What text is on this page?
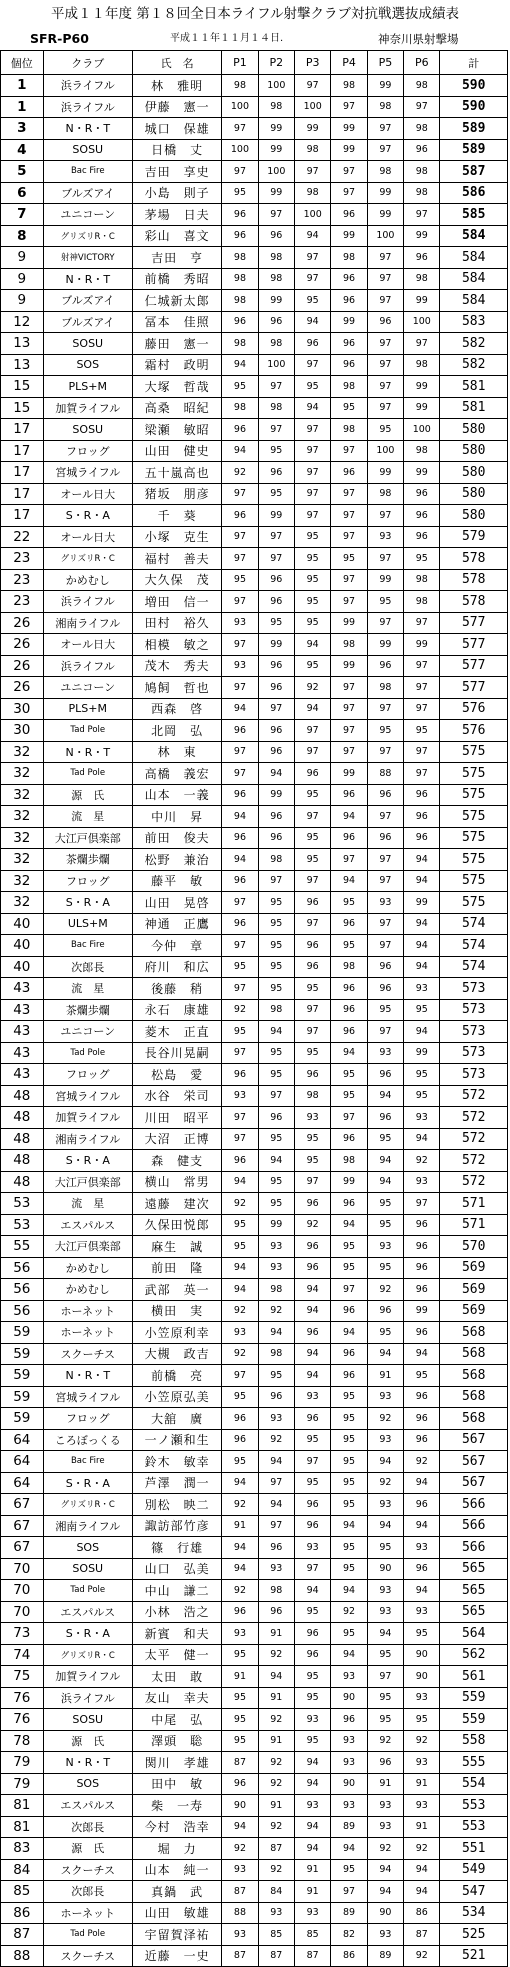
平成１１年度 第１８回全日本ライフル射撃クラブ対抗戦選抜成績表
SFR-P60	平成１１年１１月１４日.	神奈川県射撃場
個位	クラブ	氏　名	P1	P2	P3	P4	P5	P6	計
1	浜ライフル	林　雅明	98	100	97	98	99	98	590
1	浜ライフル	伊藤　憲一	100	98	100	97	98	97	590
3	N・R・T	城口　保雄	97	99	99	99	97	98	589
4	SOSU	日橋　丈	100	99	98	99	97	96	589
5	Bac Fire	吉田　享史	97	100	97	97	98	98	587
6	ブルズアイ	小島　則子	95	99	98	97	99	98	586
7	ユニコーン	茅場　日夫	96	97	100	96	99	97	585
8	グリズリR・C	彩山　喜文	96	96	94	99	100	99	584
9	射神VICTORY	吉田　亨	98	98	97	98	97	96	584
9	N・R・T	前橋　秀昭	98	98	97	96	97	98	584
9	ブルズアイ	仁城新太郎	98	99	95	96	97	99	584
12	ブルズアイ	冨本　佳照	96	96	94	99	96	100	583
13	SOSU	藤田　憲一	98	98	96	96	97	97	582
13	SOS	霜村　政明	94	100	97	96	97	98	582
15	PLS+M	大塚　哲哉	95	97	95	98	97	99	581
15	加賀ライフル	高桑　昭紀	98	98	94	95	97	99	581
17	SOSU	梁瀬　敏昭	96	97	97	98	95	100	580
17	フロッグ	山田　健史	94	95	97	97	100	98	580
17	宮城ライフル	五十嵐高也	92	96	97	96	99	99	580
17	オール日大	猪坂　朋彦	97	95	97	97	98	96	580
17	S・R・A	千　葵	96	99	97	97	97	96	580
22	オール日大	小塚　克生	97	97	95	97	93	96	579
23	グリズリR・C	福村　善夫	97	97	95	95	97	95	578
23	かめむし	大久保　茂	95	96	95	97	99	98	578
23	浜ライフル	増田　信一	97	96	95	97	95	98	578
26	湘南ライフル	田村　裕久	93	95	95	99	97	97	577
26	オール日大	相模　敏之	97	99	94	98	99	99	577
26	浜ライフル	茂木　秀夫	93	96	95	99	96	97	577
26	ユニコーン	鳩飼　哲也	97	96	92	97	98	97	577
30	PLS+M	西森　啓	94	97	94	97	97	97	576
30	Tad Pole	北岡　弘	96	96	97	97	95	95	576
32	N・R・T	林　東	97	96	97	97	97	97	575
32	Tad Pole	高橋　義宏	97	94	96	99	88	97	575
32	源　氏	山本　一義	96	99	95	96	96	96	575
32	流　星	中川　昇	94	96	97	94	97	96	575
32	大江戸倶楽部	前田　俊夫	96	96	95	96	96	96	575
32	茶爛歩爛	松野　兼治	94	98	95	97	97	94	575
32	フロッグ	藤平　敏	96	97	97	94	97	94	575
32	S・R・A	山田　晃啓	97	95	96	95	93	99	575
40	ULS+M	神通　正鷹	96	95	97	96	97	94	574
40	Bac Fire	今仲　章	97	95	96	95	97	94	574
40	次郎長	府川　和広	95	95	96	98	96	94	574
43	流　星	後藤　稍	97	95	95	96	96	93	573
43	茶爛歩爛	永石　康雄	92	98	97	96	95	95	573
43	ユニコーン	菱木　正直	95	94	97	96	97	94	573
43	Tad Pole	長谷川晃嗣	97	95	95	94	93	99	573
43	フロッグ	松島　愛	96	95	96	95	96	95	573
48	宮城ライフル	水谷　栄司	93	97	98	95	94	95	572
48	加賀ライフル	川田　昭平	97	96	93	97	96	93	572
48	湘南ライフル	大沼　正博	97	95	95	96	95	94	572
48	S・R・A	森　健支	96	94	95	98	94	92	572
48	大江戸倶楽部	横山　常男	94	95	97	99	94	93	572
53	流　星	遠藤　建次	92	95	96	96	95	97	571
53	エスパルス	久保田悦郎	95	99	92	94	95	96	571
55	大江戸倶楽部	麻生　誠	95	93	96	95	93	96	570
56	かめむし	前田　隆	94	93	96	95	95	96	569
56	かめむし	武部　英一	94	98	94	97	92	96	569
56	ホーネット	横田　実	92	92	94	96	96	99	569
59	ホーネット	小笠原利幸	93	94	96	94	95	96	568
59	スクーチス	大槻　政吉	92	98	94	96	94	94	568
59	N・R・T	前橋　亮	97	95	94	96	91	95	568
59	宮城ライフル	小笠原弘美	95	96	93	95	93	96	568
59	フロッグ	大舘　廣	96	93	96	95	92	96	568
64	ころぼっくる	一ノ瀬和生	96	92	95	95	93	96	567
64	Bac Fire	鈴木　敏幸	95	94	97	95	94	92	567
64	S・R・A	芦澤　潤一	94	97	95	95	92	94	567
67	グリズリR・C	別松　映二	92	94	96	95	93	96	566
67	湘南ライフル	諏訪部竹彦	91	97	96	94	94	94	566
67	SOS	篠　行雄	94	96	93	95	95	93	566
70	SOSU	山口　弘美	94	93	97	95	90	96	565
70	Tad Pole	中山　謙二	92	98	94	94	93	94	565
70	エスパルス	小林　浩之	96	96	95	92	93	93	565
73	S・R・A	新賓　和夫	93	91	96	95	94	95	564
74	グリズリR・C	太平　健一	95	92	96	94	95	90	562
75	加賀ライフル	太田　敢	91	94	95	93	97	90	561
76	浜ライフル	友山　幸夫	95	91	95	90	95	93	559
76	SOSU	中尾　弘	95	92	93	96	95	95	559
78	源　氏	澤頭　聡	95	91	95	93	92	92	558
79	N・R・T	関川　孝雄	87	92	94	93	96	93	555
79	SOS	田中　敏	96	92	94	90	91	91	554
81	エスパルス	柴　一寿	90	91	93	93	93	93	553
81	次郎長	今村　浩幸	94	92	94	89	93	91	553
83	源　氏	堀　力	92	87	94	94	92	92	551
84	スクーチス	山本　純一	93	92	91	95	94	94	549
85	次郎長	真鍋　武	87	84	91	97	94	94	547
86	ホーネット	山田　敏雄	88	93	93	89	90	86	534
87	Tad Pole	宇留賀泽祐	93	85	85	82	93	87	525
88	スクーチス	近藤　一史	87	87	87	86	89	92	521
